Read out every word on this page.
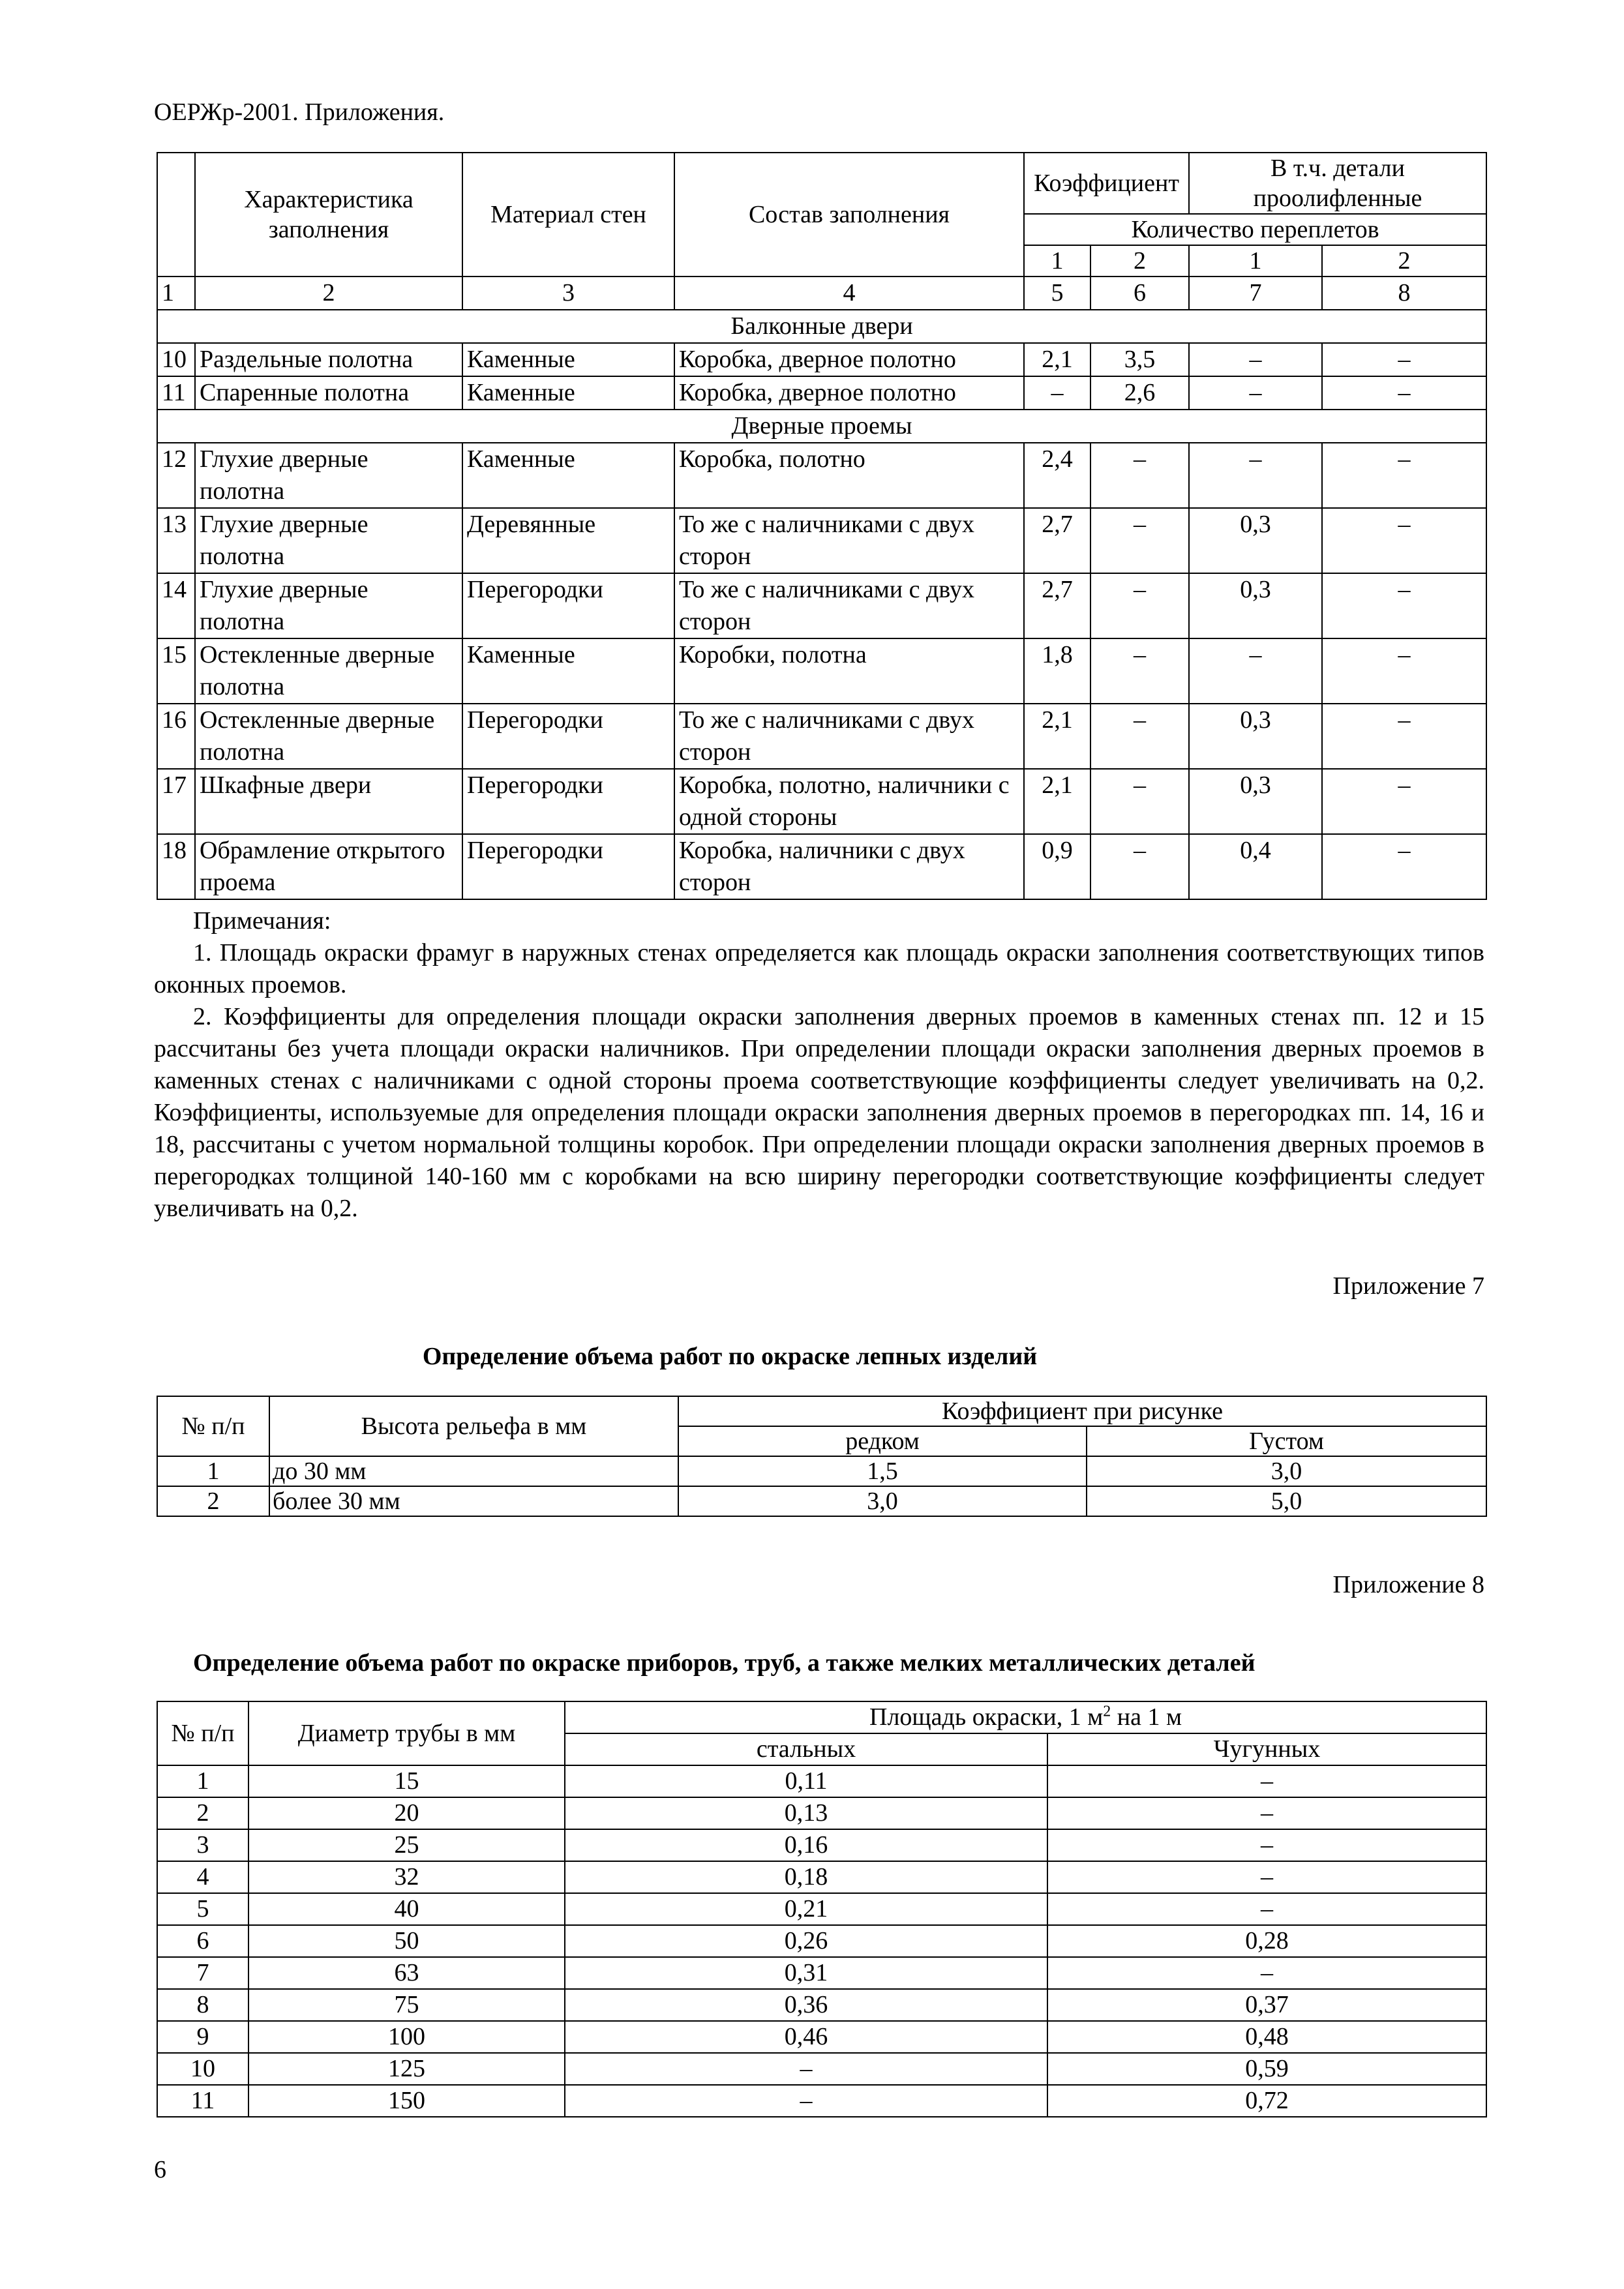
ОЕРЖр-2001. Приложения.
	Характеристика заполнения	Материал стен	Состав заполнения	Коэффициент		В т.ч. детали проолифленные	
				Количество переплетов			
				1	2	1	2
1	2	3	4	5	6	7	8
Балконные двери							
10	Раздельные полотна	Каменные	Коробка, дверное полотно	2,1	3,5	–	–
11	Спаренные полотна	Каменные	Коробка, дверное полотно	–	2,6	–	–
Дверные проемы							
12	Глухие дверные полотна	Каменные	Коробка, полотно	2,4	–	–	–
13	Глухие дверные полотна	Деревянные	То же с наличниками с двух сторон	2,7	–	0,3	–
14	Глухие дверные полотна	Перегородки	То же с наличниками с двух сторон	2,7	–	0,3	–
15	Остекленные дверные полотна	Каменные	Коробки, полотна	1,8	–	–	–
16	Остекленные дверные полотна	Перегородки	То же с наличниками с двух сторон	2,1	–	0,3	–
17	Шкафные двери	Перегородки	Коробка, полотно, наличники с одной стороны	2,1	–	0,3	–
18	Обрамление открытого проема	Перегородки	Коробка, наличники с двух сторон	0,9	–	0,4	–

Примечания:

1. Площадь окраски фрамуг в наружных стенах определяется как площадь окраски заполнения соответствующих типов оконных проемов.

2. Коэффициенты для определения площади окраски заполнения дверных проемов в каменных стенах пп. 12 и 15 рассчитаны без учета площади окраски наличников. При определении площади окраски заполнения дверных проемов в каменных стенах с наличниками с одной стороны проема соответствующие коэффициенты следует увеличивать на 0,2. Коэффициенты, используемые для определения площади окраски заполнения дверных проемов в перегородках пп. 14, 16 и 18, рассчитаны с учетом нормальной толщины коробок. При определении площади окраски заполнения дверных проемов в перегородках толщиной 140-160 мм с коробками на всю ширину перегородки соответствующие коэффициенты следует увеличивать на 0,2.

Приложение 7
Определение объема работ по окраске лепных изделий
№ п/п	Высота рельефа в мм	Коэффициент при рисунке	
		редком	Густом
1	до 30 мм	1,5	3,0
2	более 30 мм	3,0	5,0
Приложение 8
Определение объема работ по окраске приборов, труб, а также мелких металлических деталей
№ п/п	Диаметр трубы в мм	Площадь окраски, 1 $м^2$ на 1 м	
		стальных	Чугунных
1	15	0,11	–
2	20	0,13	–
3	25	0,16	–
4	32	0,18	–
5	40	0,21	–
6	50	0,26	0,28
7	63	0,31	–
8	75	0,36	0,37
9	100	0,46	0,48
10	125	–	0,59
11	150	–	0,72
6
